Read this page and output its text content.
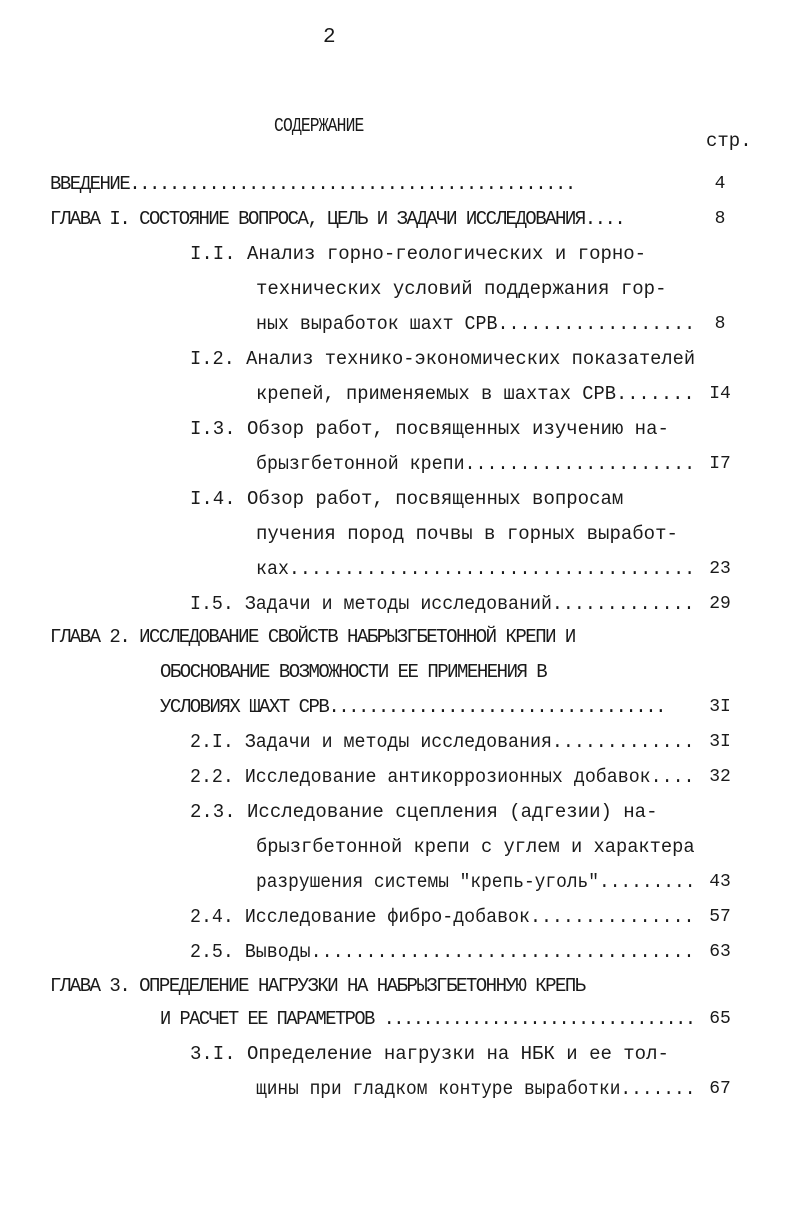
2
СОДЕРЖАНИЕ
стр.
ВВЕДЕНИЕ.............................................	4
ГЛАВА I. СОСТОЯНИЕ ВОПРОСА, ЦЕЛЬ И ЗАДАЧИ ИССЛЕДОВАНИЯ....	8
I.I. Анализ горно-геологических и горно-
технических условий поддержания гор-
ных выработок шахт СРВ..................	8
I.2. Анализ технико-экономических показателей
крепей, применяемых в шахтах СРВ....... I4
I.3. Обзор работ, посвященных изучению на-
брызгбетонной крепи..................... I7
I.4. Обзор работ, посвященных вопросам
пучения пород почвы в горных выработ-
ках..................................... 23
I.5. Задачи и методы исследований............. 29
ГЛАВА 2. ИССЛЕДОВАНИЕ СВОЙСТВ НАБРЫЗГБЕТОННОЙ КРЕПИ И
ОБОСНОВАНИЕ ВОЗМОЖНОСТИ ЕЕ ПРИМЕНЕНИЯ В
УСЛОВИЯХ ШАХТ СРВ..................................	3I
2.I. Задачи и методы исследования............. 3I
2.2. Исследование антикоррозионных добавок.... 32
2.3. Исследование сцепления (адгезии) на-
брызгбетонной крепи с углем и характера
разрушения системы "крепь-уголь"......... 43
2.4. Исследование фибро-добавок............... 57
2.5. Выводы................................... 63
ГЛАВА 3. ОПРЕДЕЛЕНИЕ НАГРУЗКИ НА НАБРЫЗГБЕТОННУЮ КРЕПЬ
И РАСЧЕТ ЕЕ ПАРАМЕТРОВ ................................ 65
3.I. Определение нагрузки на НБК и ее тол-
щины при гладком контуре выработки....... 67
